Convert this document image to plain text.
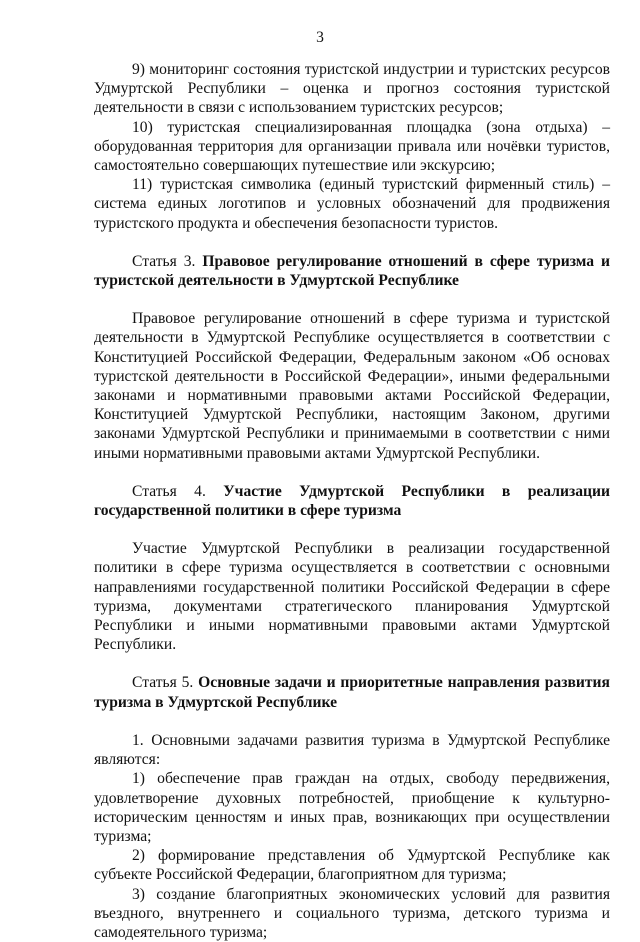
3

9) мониторинг состояния туристской индустрии и туристских ресурсов Удмуртской Республики – оценка и прогноз состояния туристской деятельности в связи с использованием туристских ресурсов;

10) туристская специализированная площадка (зона отдыха) – оборудованная территория для организации привала или ночёвки туристов, самостоятельно совершающих путешествие или экскурсию;

11) туристская символика (единый туристский фирменный стиль) – система единых логотипов и условных обозначений для продвижения туристского продукта и обеспечения безопасности туристов.

Статья 3. Правовое регулирование отношений в сфере туризма и туристской деятельности в Удмуртской Республике

Правовое регулирование отношений в сфере туризма и туристской деятельности в Удмуртской Республике осуществляется в соответствии с Конституцией Российской Федерации, Федеральным законом «Об основах туристской деятельности в Российской Федерации», иными федеральными законами и нормативными правовыми актами Российской Федерации, Конституцией Удмуртской Республики, настоящим Законом, другими законами Удмуртской Республики и принимаемыми в соответствии с ними иными нормативными правовыми актами Удмуртской Республики.

Статья 4. Участие Удмуртской Республики в реализации государственной политики в сфере туризма

Участие Удмуртской Республики в реализации государственной политики в сфере туризма осуществляется в соответствии с основными направлениями государственной политики Российской Федерации в сфере туризма, документами стратегического планирования Удмуртской Республики и иными нормативными правовыми актами Удмуртской Республики.

Статья 5. Основные задачи и приоритетные направления развития туризма в Удмуртской Республике

1. Основными задачами развития туризма в Удмуртской Республике являются:

1) обеспечение прав граждан на отдых, свободу передвижения, удовлетворение духовных потребностей, приобщение к культурно-историческим ценностям и иных прав, возникающих при осуществлении туризма;

2) формирование представления об Удмуртской Республике как субъекте Российской Федерации, благоприятном для туризма;

3) создание благоприятных экономических условий для развития въездного, внутреннего и социального туризма, детского туризма и самодеятельного туризма;
